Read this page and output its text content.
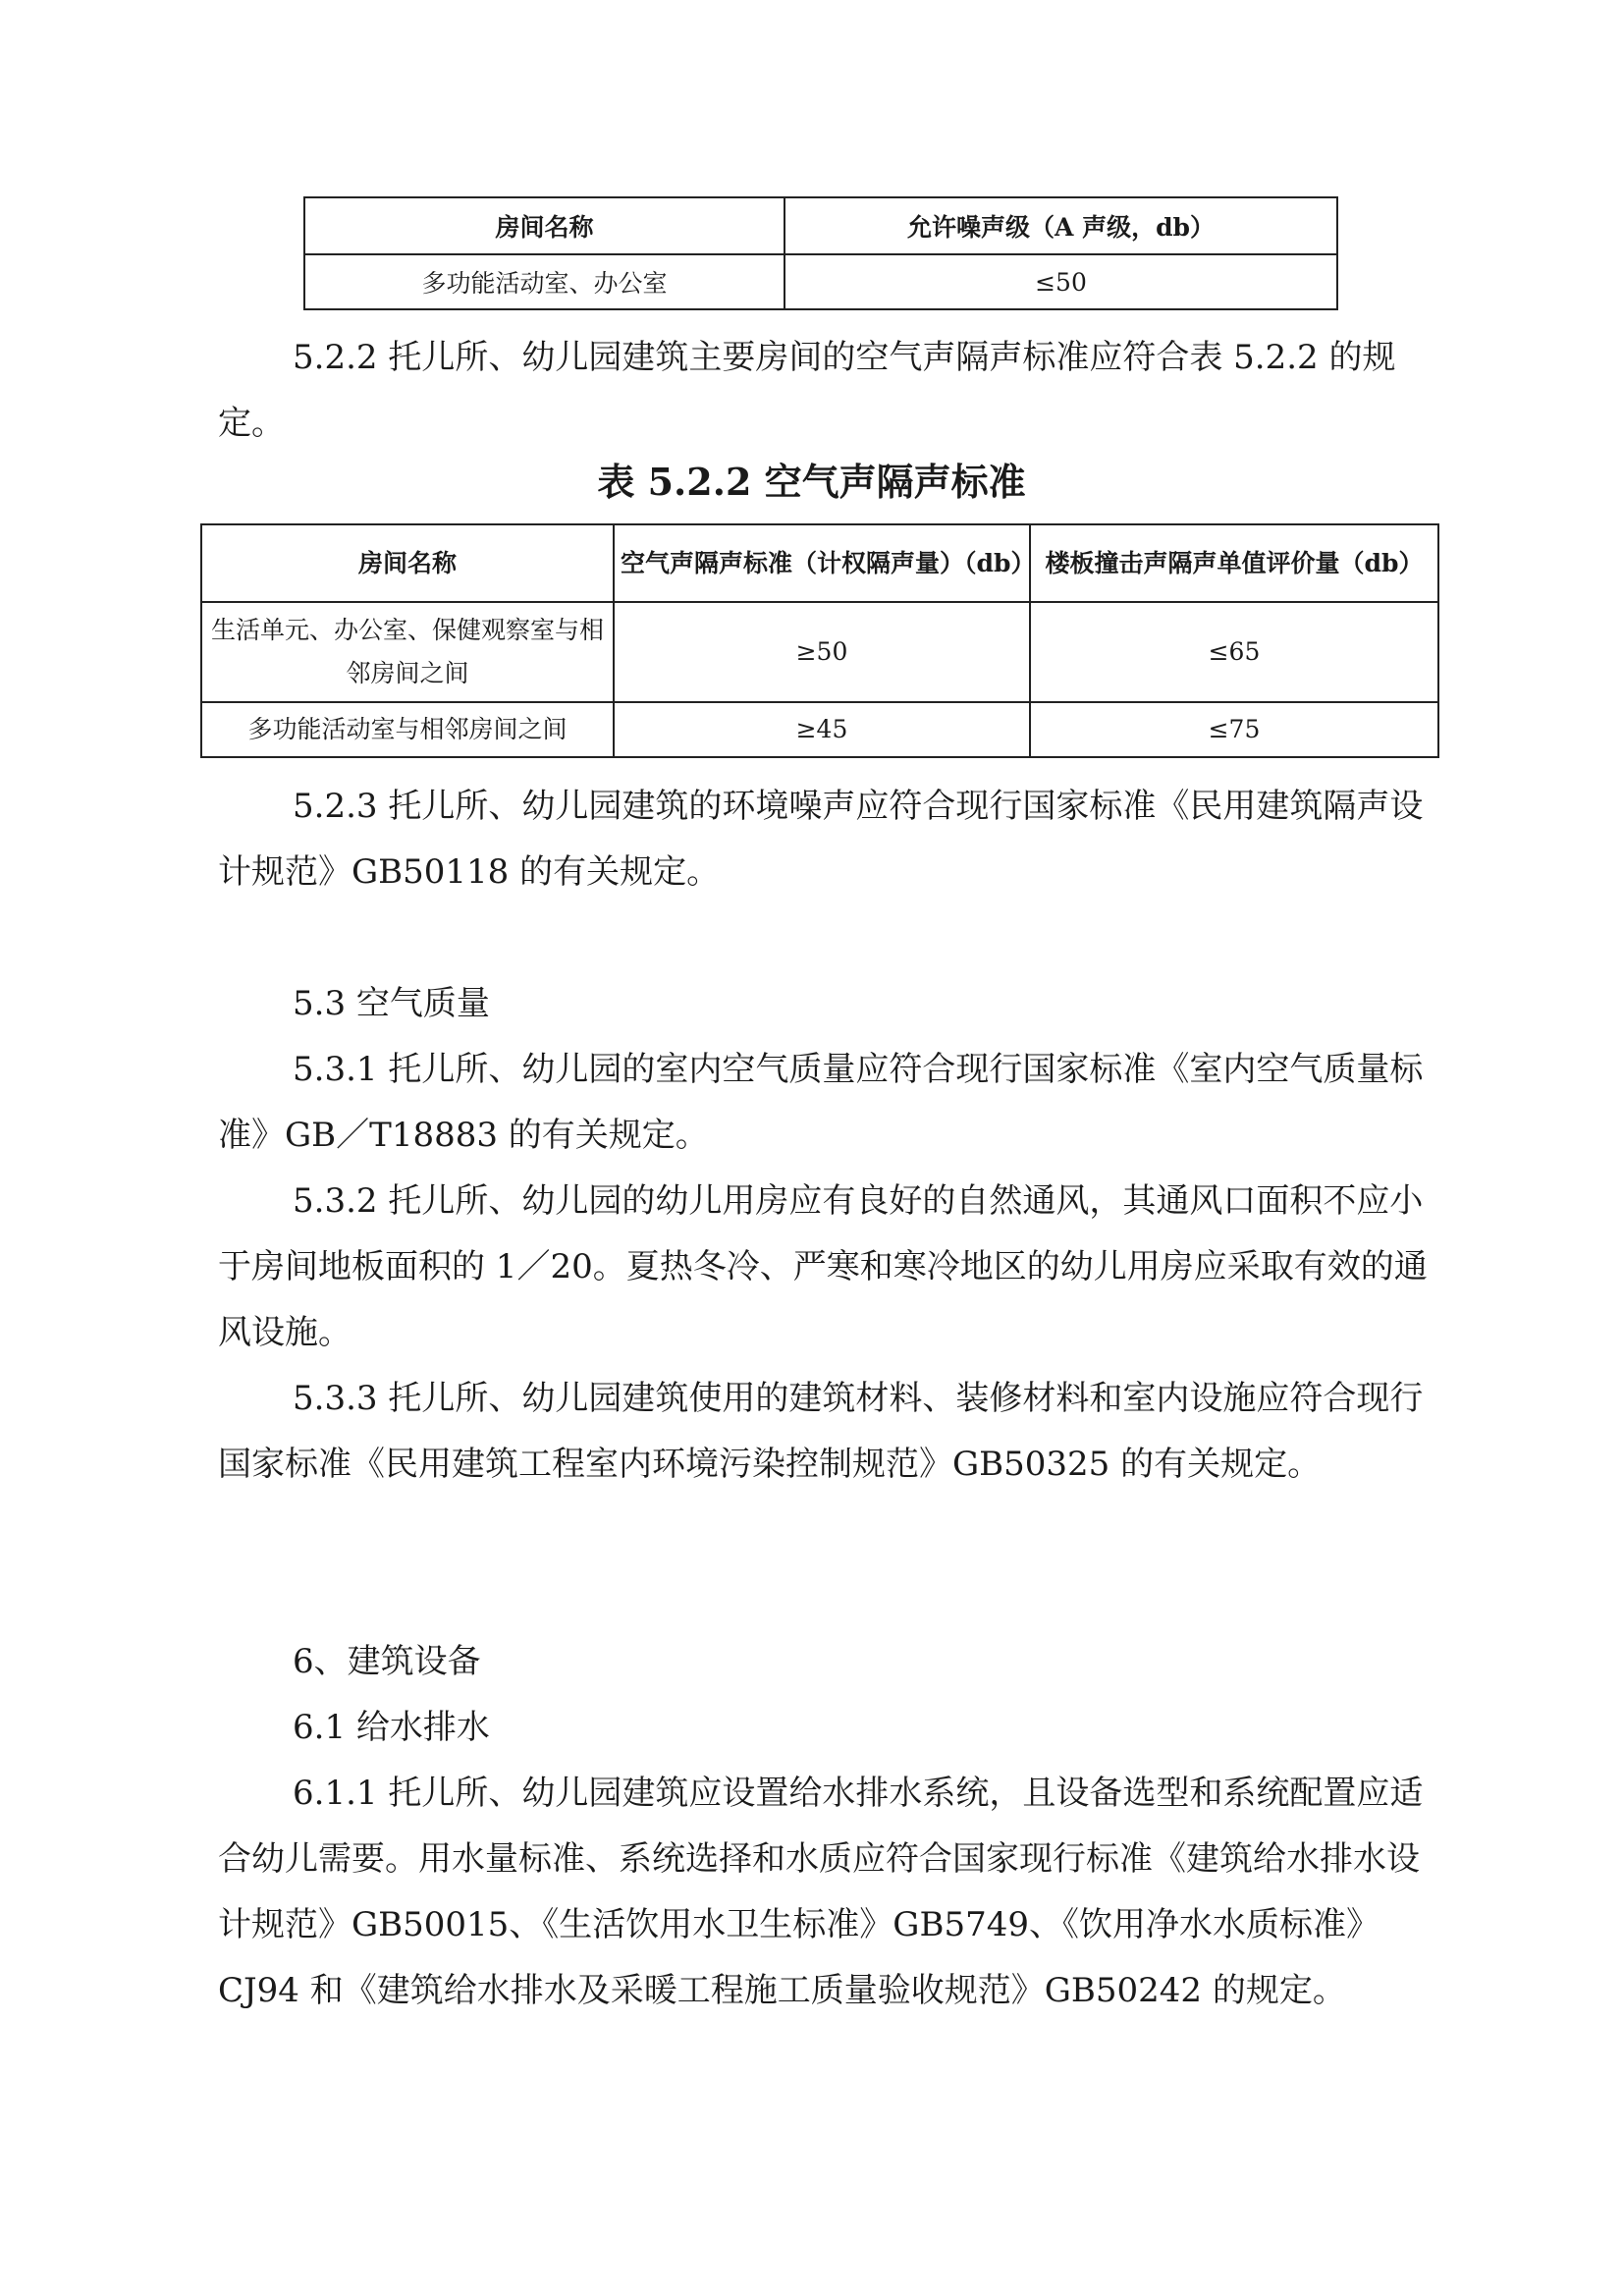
房间名称	允许噪声级（A 声级，db）
多功能活动室、办公室	≤50
5.2.2 托儿所、幼儿园建筑主要房间的空气声隔声标准应符合表 5.2.2 的规定。
表 5.2.2 空气声隔声标准
房间名称	空气声隔声标准（计权隔声量）（db）	楼板撞击声隔声单值评价量（db）
生活单元、办公室、保健观察室与相邻房间之间	≥50	≤65
多功能活动室与相邻房间之间	≥45	≤75
5.2.3 托儿所、幼儿园建筑的环境噪声应符合现行国家标准《民用建筑隔声设计规范》GB50118 的有关规定。
5.3 空气质量
5.3.1 托儿所、幼儿园的室内空气质量应符合现行国家标准《室内空气质量标准》GB／T18883 的有关规定。
5.3.2 托儿所、幼儿园的幼儿用房应有良好的自然通风，其通风口面积不应小于房间地板面积的 1／20。夏热冬冷、严寒和寒冷地区的幼儿用房应采取有效的通风设施。
5.3.3 托儿所、幼儿园建筑使用的建筑材料、装修材料和室内设施应符合现行国家标准《民用建筑工程室内环境污染控制规范》GB50325 的有关规定。
6、建筑设备
6.1 给水排水
6.1.1 托儿所、幼儿园建筑应设置给水排水系统，且设备选型和系统配置应适合幼儿需要。用水量标准、系统选择和水质应符合国家现行标准《建筑给水排水设计规范》GB50015、《生活饮用水卫生标准》GB5749、《饮用净水水质标准》CJ94 和《建筑给水排水及采暖工程施工质量验收规范》GB50242 的规定。
